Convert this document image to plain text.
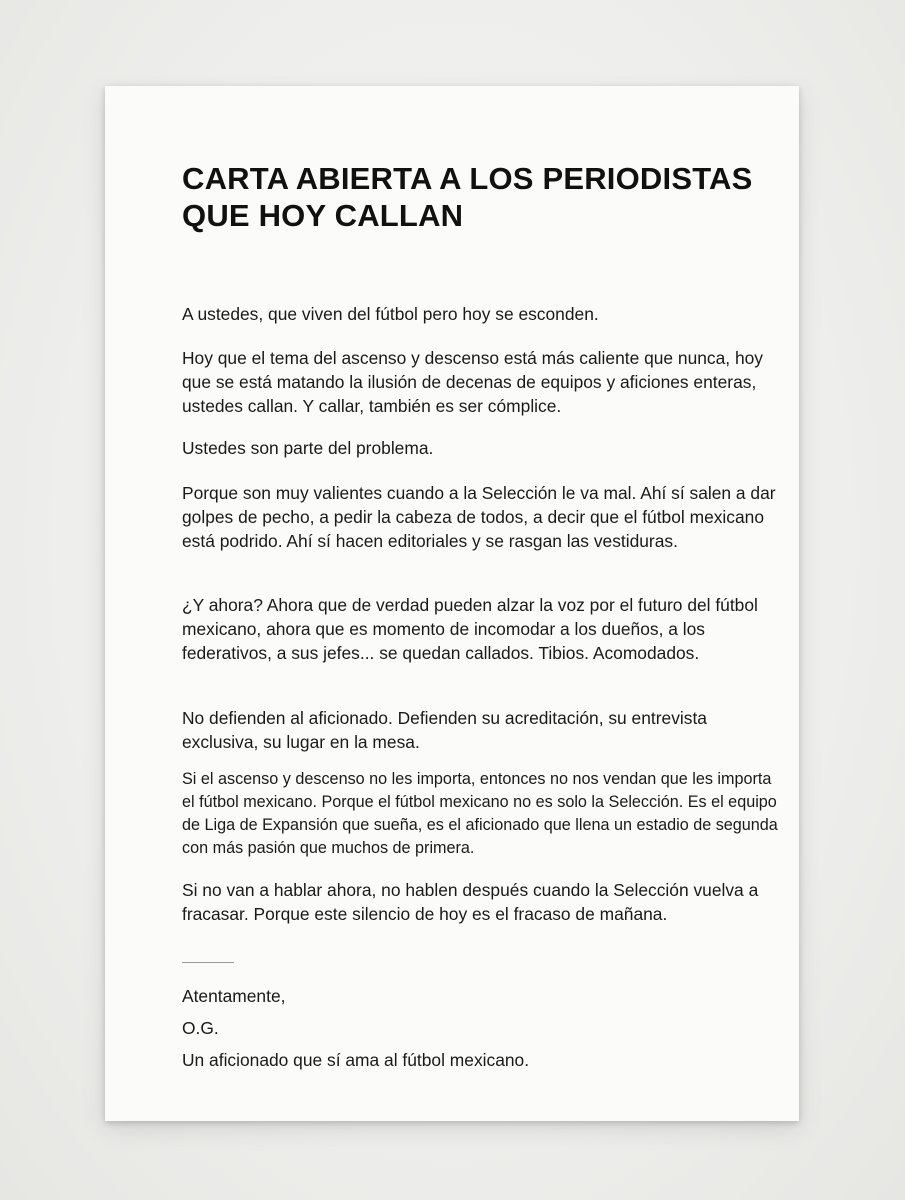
CARTA ABIERTA A LOS PERIODISTAS QUE HOY CALLAN

A ustedes, que viven del fútbol pero hoy se esconden.

Hoy que el tema del ascenso y descenso está más caliente que nunca, hoy que se está matando la ilusión de decenas de equipos y aficiones enteras, ustedes callan. Y callar, también es ser cómplice.

Ustedes son parte del problema.

Porque son muy valientes cuando a la Selección le va mal. Ahí sí salen a dar golpes de pecho, a pedir la cabeza de todos, a decir que el fútbol mexicano está podrido. Ahí sí hacen editoriales y se rasgan las vestiduras.

¿Y ahora? Ahora que de verdad pueden alzar la voz por el futuro del fútbol mexicano, ahora que es momento de incomodar a los dueños, a los federativos, a sus jefes... se quedan callados. Tibios. Acomodados.

No defienden al aficionado. Defienden su acreditación, su entrevista exclusiva, su lugar en la mesa.

Si el ascenso y descenso no les importa, entonces no nos vendan que les importa el fútbol mexicano. Porque el fútbol mexicano no es solo la Selección. Es el equipo de Liga de Expansión que sueña, es el aficionado que llena un estadio de segunda con más pasión que muchos de primera.

Si no van a hablar ahora, no hablen después cuando la Selección vuelva a fracasar. Porque este silencio de hoy es el fracaso de mañana.

Atentamente,

O.G.

Un aficionado que sí ama al fútbol mexicano.
